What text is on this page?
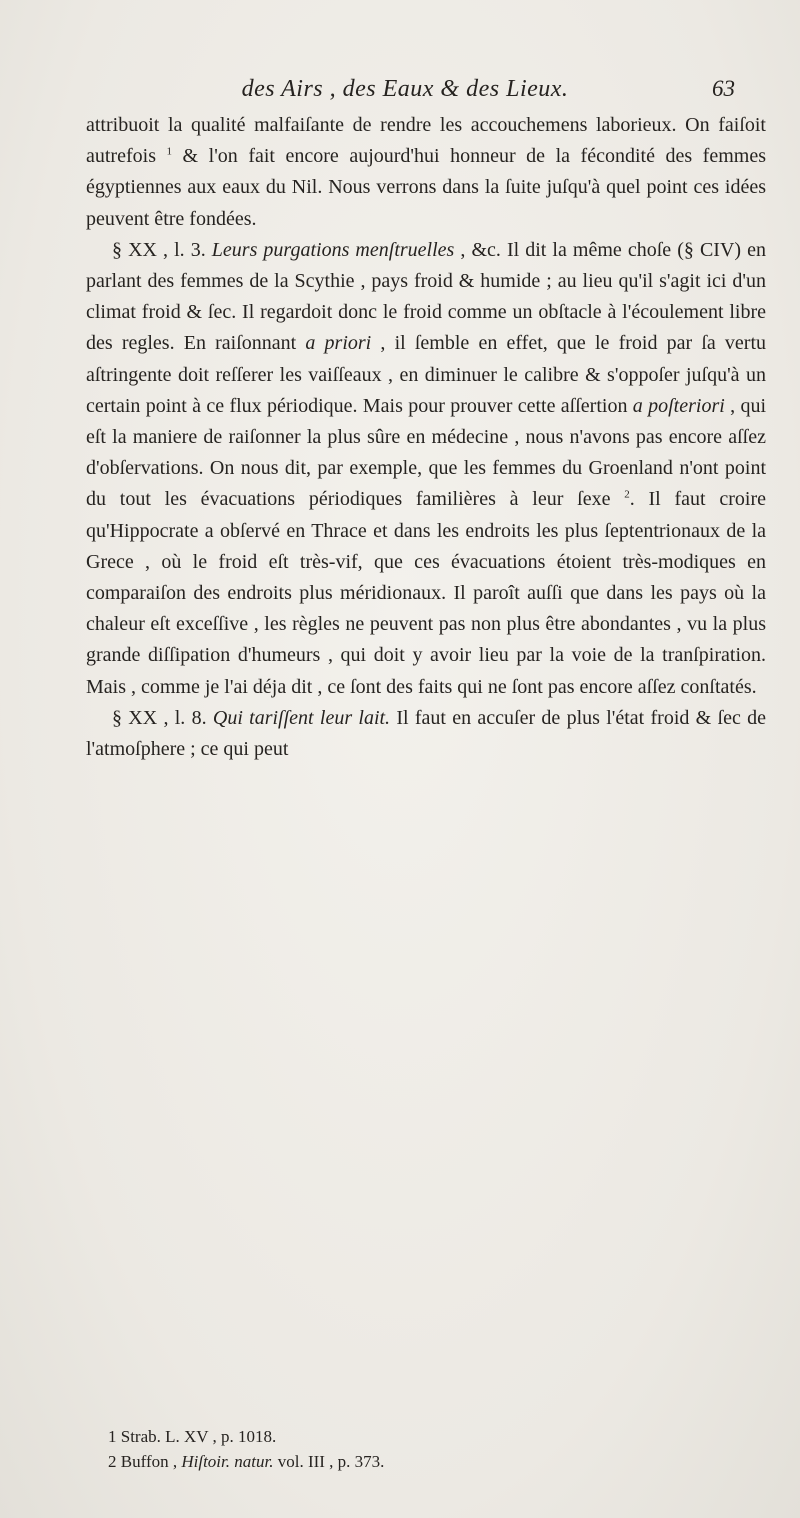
des Airs , des Eaux & des Lieux.	63

attribuoit la qualité malfaiſante de rendre les accouchemens laborieux. On faiſoit autrefois $^1$ & l'on fait encore aujourd'hui honneur de la fécondité des femmes égyptiennes aux eaux du Nil. Nous verrons dans la ſuite juſqu'à quel point ces idées peuvent être fondées.

§ XX , l. 3. Leurs purgations menſtruelles , &c. Il dit la même choſe (§ CIV) en parlant des femmes de la Scythie , pays froid & humide ; au lieu qu'il s'agit ici d'un climat froid & ſec. Il regardoit donc le froid comme un obſtacle à l'écoulement libre des regles. En raiſonnant a priori , il ſemble en effet, que le froid par ſa vertu aſtringente doit reſſerer les vaiſſeaux , en diminuer le calibre & s'oppoſer juſqu'à un certain point à ce flux périodique. Mais pour prouver cette aſſertion a poſteriori , qui eſt la maniere de raiſonner la plus sûre en médecine , nous n'avons pas encore aſſez d'obſervations. On nous dit, par exemple, que les femmes du Groenland n'ont point du tout les évacuations périodiques familières à leur ſexe $^2$. Il faut croire qu'Hippocrate a obſervé en Thrace et dans les endroits les plus ſeptentrionaux de la Grece , où le froid eſt très-vif, que ces évacuations étoient très-modiques en comparaiſon des endroits plus méridionaux. Il paroît auſſi que dans les pays où la chaleur eſt exceſſive , les règles ne peuvent pas non plus être abondantes , vu la plus grande diſſipation d'humeurs , qui doit y avoir lieu par la voie de la tranſpiration. Mais , comme je l'ai déja dit , ce ſont des faits qui ne ſont pas encore aſſez conſtatés.

§ XX , l. 8. Qui tariſſent leur lait. Il faut en accuſer de plus l'état froid & ſec de l'atmoſphere ; ce qui peut

1 Strab. L. XV , p. 1018.

2 Buffon , Hiſtoir. natur. vol. III , p. 373.
